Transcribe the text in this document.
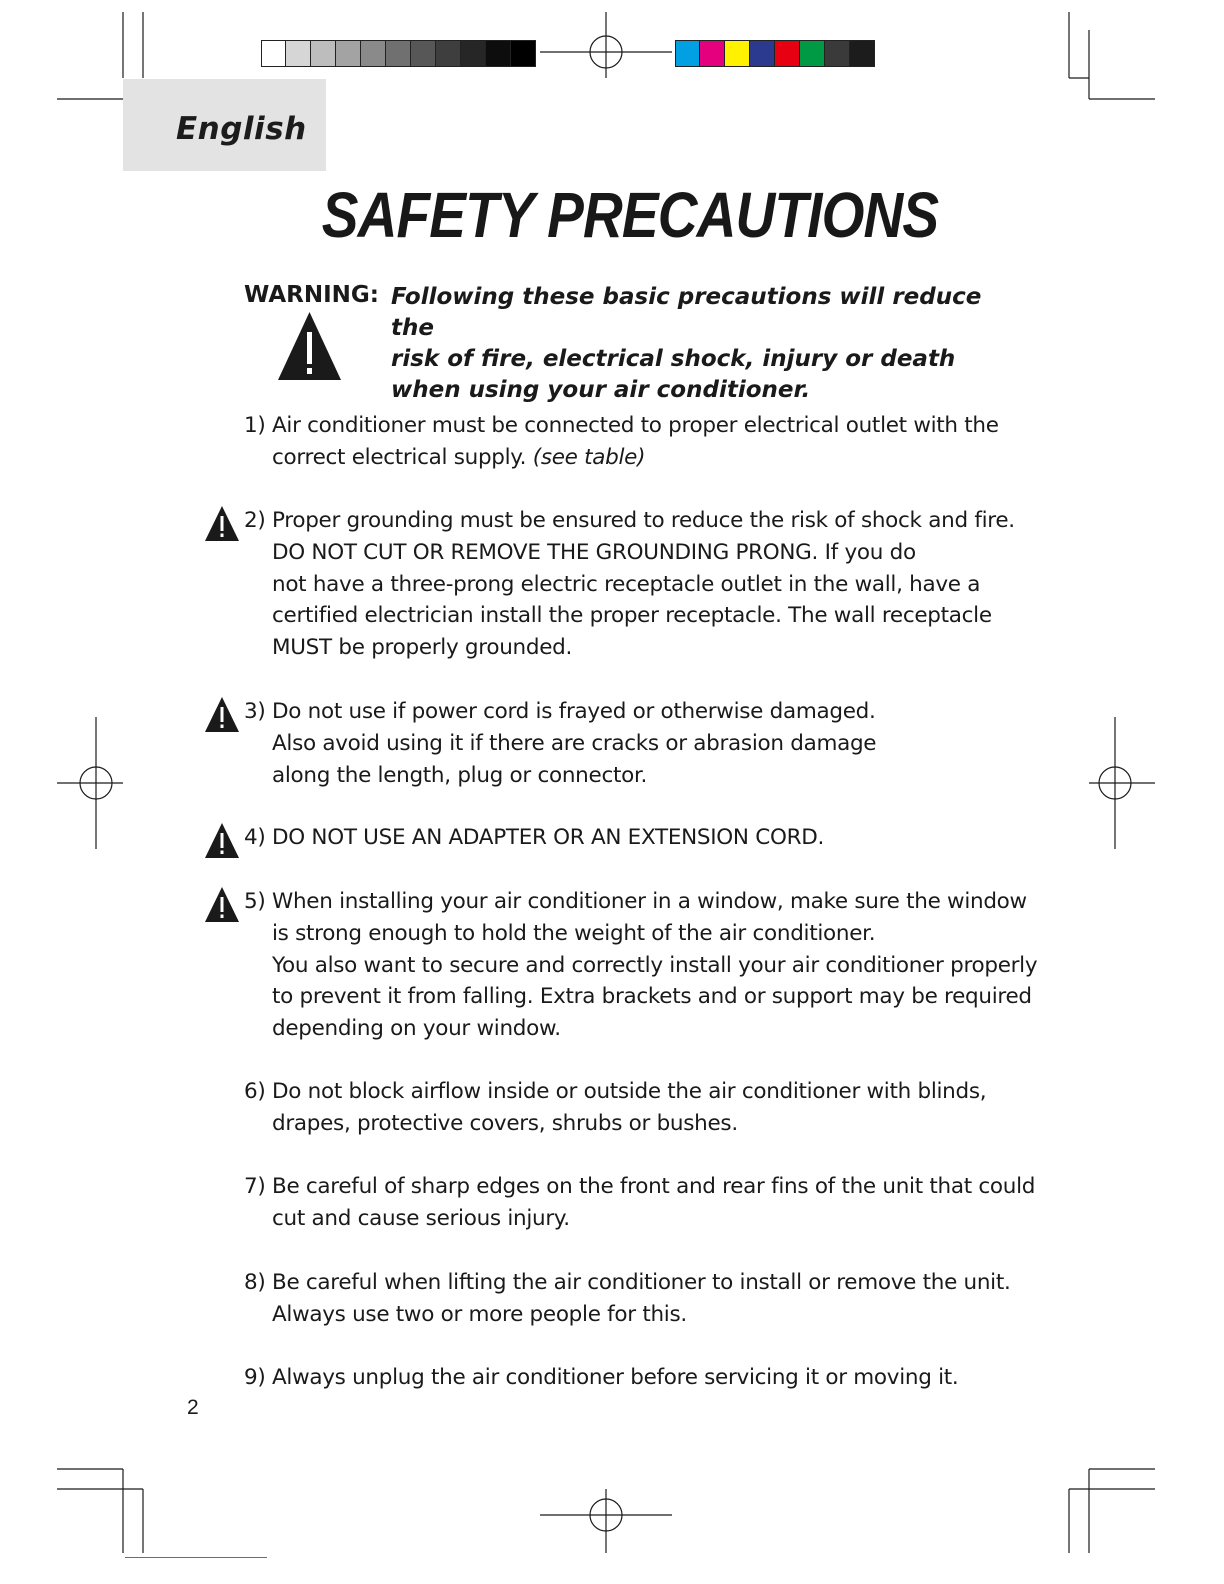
English
SAFETY PRECAUTIONS
WARNING: Following these basic precautions will reduce the
risk of fire, electrical shock, injury or death
when using your air conditioner.
1) Air conditioner must be connected to proper electrical outlet with the
correct electrical supply. (see table)
2) Proper grounding must be ensured to reduce the risk of shock and fire.
DO NOT CUT OR REMOVE THE GROUNDING PRONG. If you do
not have a three-prong electric receptacle outlet in the wall, have a
certified electrician install the proper receptacle. The wall receptacle
MUST be properly grounded.
3) Do not use if power cord is frayed or otherwise damaged.
Also avoid using it if there are cracks or abrasion damage
along the length, plug or connector.
4) DO NOT USE AN ADAPTER OR AN EXTENSION CORD.
5) When installing your air conditioner in a window, make sure the window
is strong enough to hold the weight of the air conditioner.
You also want to secure and correctly install your air conditioner properly
to prevent it from falling. Extra brackets and or support may be required
depending on your window.
6) Do not block airflow inside or outside the air conditioner with blinds,
drapes, protective covers, shrubs or bushes.
7) Be careful of sharp edges on the front and rear fins of the unit that could
cut and cause serious injury.
8) Be careful when lifting the air conditioner to install or remove the unit.
Always use two or more people for this.
9) Always unplug the air conditioner before servicing it or moving it.
2
